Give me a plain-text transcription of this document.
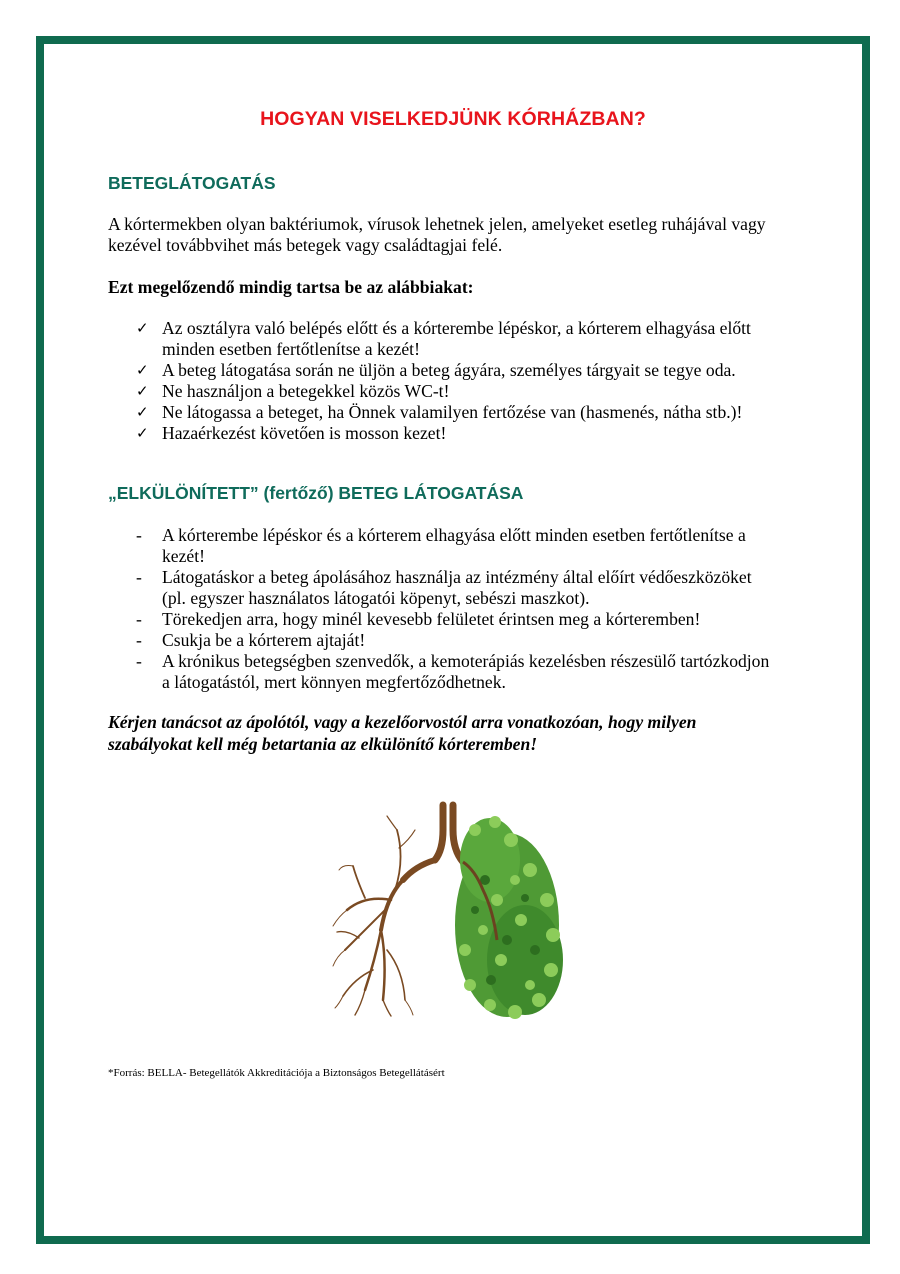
HOGYAN VISELKEDJÜNK KÓRHÁZBAN?
BETEGLÁTOGATÁS
A kórtermekben olyan baktériumok, vírusok lehetnek jelen, amelyeket esetleg ruhájával vagy
kezével továbbvihet más betegek vagy családtagjai felé.
Ezt megelőzendő mindig tartsa be az alábbiakat:
✓ Az osztályra való belépés előtt és a kórterembe lépéskor, a kórterem elhagyása előtt
minden esetben fertőtlenítse a kezét!
✓ A beteg látogatása során ne üljön a beteg ágyára, személyes tárgyait se tegye oda.
✓ Ne használjon a betegekkel közös WC-t!
✓ Ne látogassa a beteget, ha Önnek valamilyen fertőzése van (hasmenés, nátha stb.)!
✓ Hazaérkezést követően is mosson kezet!
„ELKÜLÖNÍTETT” (fertőző) BETEG LÁTOGATÁSA
-	A kórterembe lépéskor és a kórterem elhagyása előtt minden esetben fertőtlenítse a
kezét!
-	Látogatáskor a beteg ápolásához használja az intézmény által előírt védőeszközöket
(pl. egyszer használatos látogatói köpenyt, sebészi maszkot).
-	Törekedjen arra, hogy minél kevesebb felületet érintsen meg a kórteremben!
-	Csukja be a kórterem ajtaját!
-	A krónikus betegségben szenvedők, a kemoterápiás kezelésben részesülő tartózkodjon
a látogatástól, mert könnyen megfertőződhetnek.
Kérjen tanácsot az ápolótól, vagy a kezelőorvostól arra vonatkozóan, hogy milyen
szabályokat kell még betartania az elkülönítő kórteremben!
*Forrás: BELLA- Betegellátók Akkreditációja a Biztonságos Betegellátásért
